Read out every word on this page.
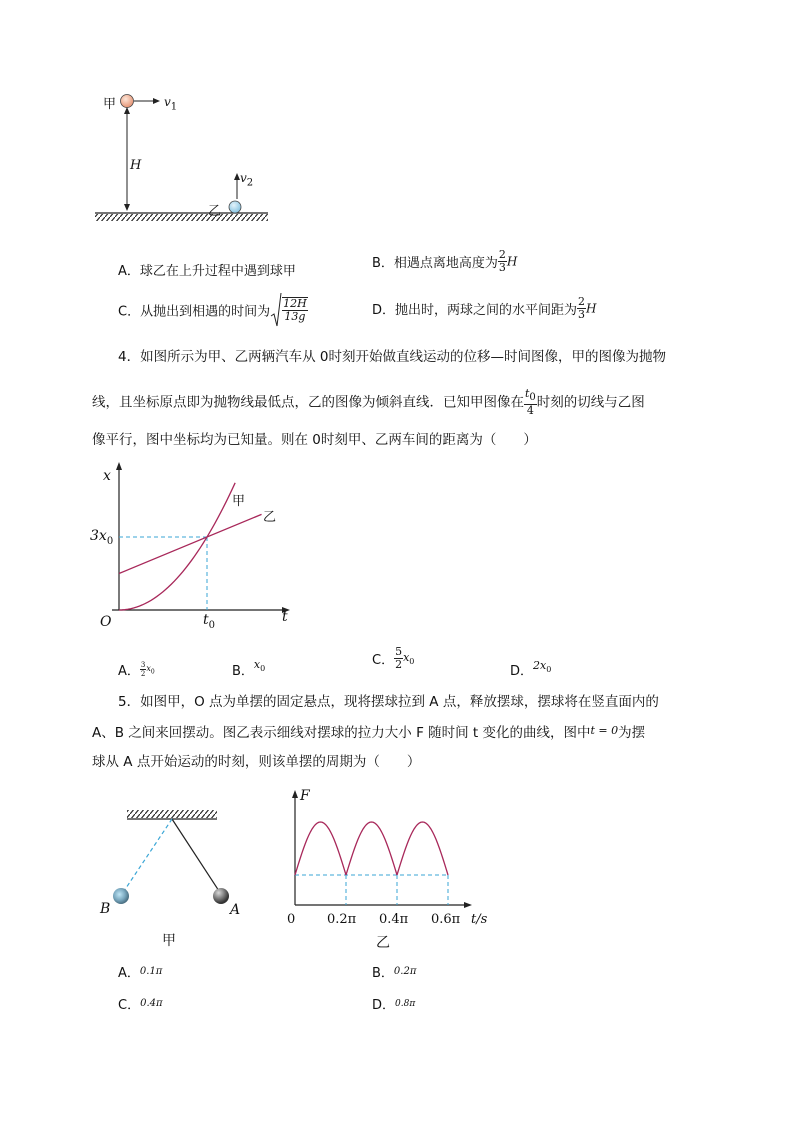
甲	$v_1$
H
乙
$v_2$
A．球乙在上升过程中遇到球甲
B．相遇点离地高度为 $\frac{2}{3}$ H
C．从抛出到相遇的时间为 $\frac{12H}{13g}$	D．抛出时，两球之间的水平间距为 $\frac{2}{3}$ H
4．如图所示为甲、乙两辆汽车从 0时刻开始做直线运动的位移—时间图像，甲的图像为抛物
线，且坐标原点即为抛物线最低点，乙的图像为倾斜直线．已知甲图像在 $\frac{t_0}{4}$ 时刻的切线与乙图
像平行，图中坐标均为已知量。则在 0时刻甲、乙两车间的距离为（　　）
x
t
O
$3x_0$
$t_0$
甲
乙
A． $\frac{3}{2} x_0$	B．$^{x_0}$
C． $\frac{5}{2} x_0$
D．$^{2x_0}$
5．如图甲，O 点为单摆的固定悬点，现将摆球拉到 A 点，释放摆球，摆球将在竖直面内的
A、B 之间来回摆动。图乙表示细线对摆球的拉力大小 F 随时间 t 变化的曲线，图中$^{t = 0}$为摆
球从 A 点开始运动的时刻，则该单摆的周期为（　　）
A
B
甲
F
0 0.2π 0.4π 0.6π t/s
乙
A．$^{0.1\pi}$	B．$^{0.2\pi}$
C．$^{0.4\pi}$	D．$^{0.8\pi}$
